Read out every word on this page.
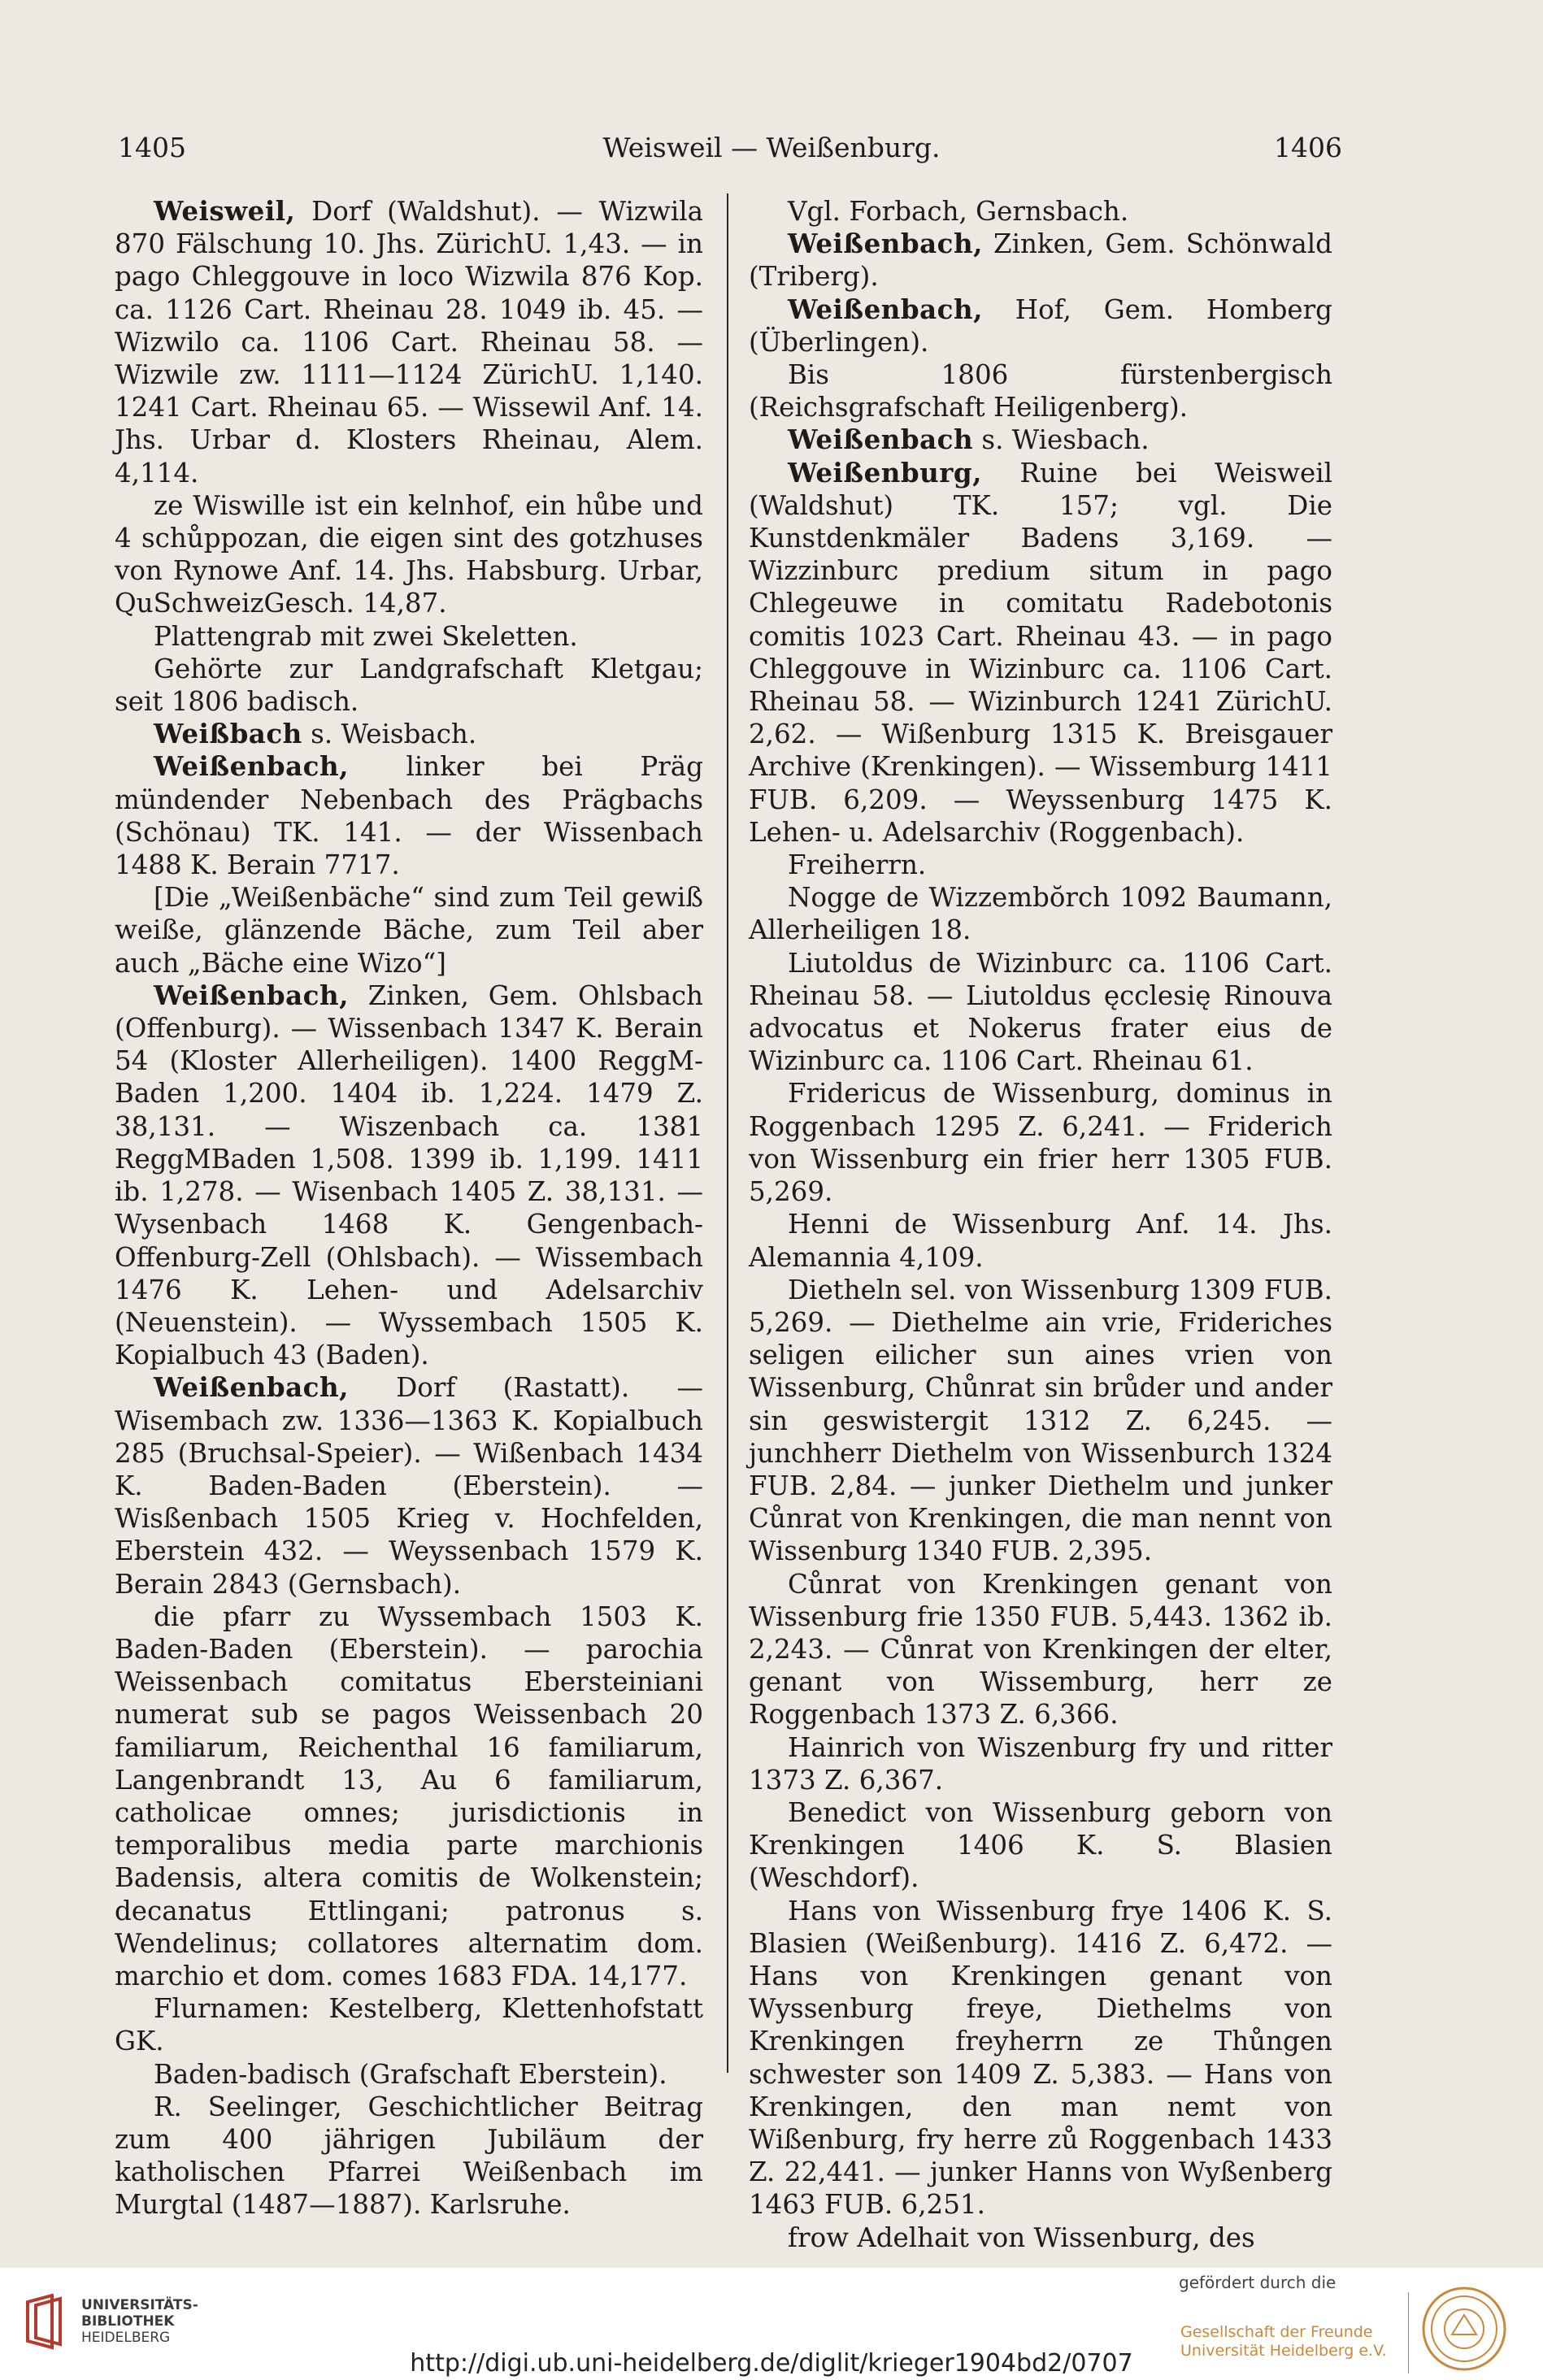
1405	Weisweil — Weißenburg.	1406

Weisweil, Dorf (Waldshut). — Wizwila 870 Fälschung 10. Jhs. ZürichU. 1,43. — in pago Chleggouve in loco Wizwila 876 Kop. ca. 1126 Cart. Rheinau 28. 1049 ib. 45. — Wizwilo ca. 1106 Cart. Rheinau 58. — Wizwile zw. 1111—1124 ZürichU. 1,140. 1241 Cart. Rheinau 65. — Wissewil Anf. 14. Jhs. Urbar d. Klosters Rheinau, Alem. 4,114.

ze Wiswille ist ein kelnhof, ein hůbe und 4 schůppozan, die eigen sint des gotzhuses von Rynowe Anf. 14. Jhs. Habsburg. Urbar, QuSchweizGesch. 14,87.

Plattengrab mit zwei Skeletten.

Gehörte zur Landgrafschaft Kletgau; seit 1806 badisch.

Weißbach s. Weisbach.

Weißenbach, linker bei Präg mündender Nebenbach des Prägbachs (Schönau) TK. 141. — der Wissenbach 1488 K. Berain 7717.

[Die „Weißenbäche“ sind zum Teil gewiß weiße, glänzende Bäche, zum Teil aber auch „Bäche eine Wizo“]

Weißenbach, Zinken, Gem. Ohlsbach (Offenburg). — Wissenbach 1347 K. Berain 54 (Kloster Allerheiligen). 1400 ReggM-Baden 1,200. 1404 ib. 1,224. 1479 Z. 38,131. — Wiszenbach ca. 1381 ReggMBaden 1,508. 1399 ib. 1,199. 1411 ib. 1,278. — Wisenbach 1405 Z. 38,131. — Wysenbach 1468 K. Gengenbach-Offenburg-Zell (Ohlsbach). — Wissembach 1476 K. Lehen- und Adelsarchiv (Neuenstein). — Wyssembach 1505 K. Kopialbuch 43 (Baden).

Weißenbach, Dorf (Rastatt). — Wisembach zw. 1336—1363 K. Kopialbuch 285 (Bruchsal-Speier). — Wißenbach 1434 K. Baden-Baden (Eberstein). — Wisßenbach 1505 Krieg v. Hochfelden, Eberstein 432. — Weyssenbach 1579 K. Berain 2843 (Gernsbach).

die pfarr zu Wyssembach 1503 K. Baden-Baden (Eberstein). — parochia Weissenbach comitatus Ebersteiniani numerat sub se pagos Weissenbach 20 familiarum, Reichenthal 16 familiarum, Langenbrandt 13, Au 6 familiarum, catholicae omnes; jurisdictionis in temporalibus media parte marchionis Badensis, altera comitis de Wolkenstein; decanatus Ettlingani; patronus s. Wendelinus; collatores alternatim dom. marchio et dom. comes 1683 FDA. 14,177.

Flurnamen: Kestelberg, Klettenhofstatt GK.

Baden-badisch (Grafschaft Eberstein).

R. Seelinger, Geschichtlicher Beitrag zum 400 jährigen Jubiläum der katholischen Pfarrei Weißenbach im Murgtal (1487—1887). Karlsruhe.

Vgl. Forbach, Gernsbach.

Weißenbach, Zinken, Gem. Schönwald (Triberg).

Weißenbach, Hof, Gem. Homberg (Überlingen).

Bis 1806 fürstenbergisch (Reichsgrafschaft Heiligenberg).

Weißenbach s. Wiesbach.

Weißenburg, Ruine bei Weisweil (Waldshut) TK. 157; vgl. Die Kunstdenkmäler Badens 3,169. — Wizzinburc predium situm in pago Chlegeuwe in comitatu Radebotonis comitis 1023 Cart. Rheinau 43. — in pago Chleggouve in Wizinburc ca. 1106 Cart. Rheinau 58. — Wizinburch 1241 ZürichU. 2,62. — Wißenburg 1315 K. Breisgauer Archive (Krenkingen). — Wissemburg 1411 FUB. 6,209. — Weyssenburg 1475 K. Lehen- u. Adelsarchiv (Roggenbach).

Freiherrn.

Nogge de Wizzembŏrch 1092 Baumann, Allerheiligen 18.

Liutoldus de Wizinburc ca. 1106 Cart. Rheinau 58. — Liutoldus ęcclesię Rinouva advocatus et Nokerus frater eius de Wizinburc ca. 1106 Cart. Rheinau 61.

Fridericus de Wissenburg, dominus in Roggenbach 1295 Z. 6,241. — Friderich von Wissenburg ein frier herr 1305 FUB. 5,269.

Henni de Wissenburg Anf. 14. Jhs. Alemannia 4,109.

Dietheln sel. von Wissenburg 1309 FUB. 5,269. — Diethelme ain vrie, Frideriches seligen eilicher sun aines vrien von Wissenburg, Chůnrat sin brůder und ander sin geswistergit 1312 Z. 6,245. — junchherr Diethelm von Wissenburch 1324 FUB. 2,84. — junker Diethelm und junker Cůnrat von Krenkingen, die man nennt von Wissenburg 1340 FUB. 2,395.

Cůnrat von Krenkingen genant von Wissenburg frie 1350 FUB. 5,443. 1362 ib. 2,243. — Cůnrat von Krenkingen der elter, genant von Wissemburg, herr ze Roggenbach 1373 Z. 6,366.

Hainrich von Wiszenburg fry und ritter 1373 Z. 6,367.

Benedict von Wissenburg geborn von Krenkingen 1406 K. S. Blasien (Weschdorf).

Hans von Wissenburg frye 1406 K. S. Blasien (Weißenburg). 1416 Z. 6,472. — Hans von Krenkingen genant von Wyssenburg freye, Diethelms von Krenkingen freyherrn ze Thůngen schwester son 1409 Z. 5,383. — Hans von Krenkingen, den man nemt von Wißenburg, fry herre zů Roggenbach 1433 Z. 22,441. — junker Hanns von Wyßenberg 1463 FUB. 6,251.

frow Adelhait von Wissenburg, des

UNIVERSITÄTS-
BIBLIOTHEK
HEIDELBERG
http://digi.ub.uni-heidelberg.de/diglit/krieger1904bd2/0707
gefördert durch die
Gesellschaft der Freunde
Universität Heidelberg e.V.
